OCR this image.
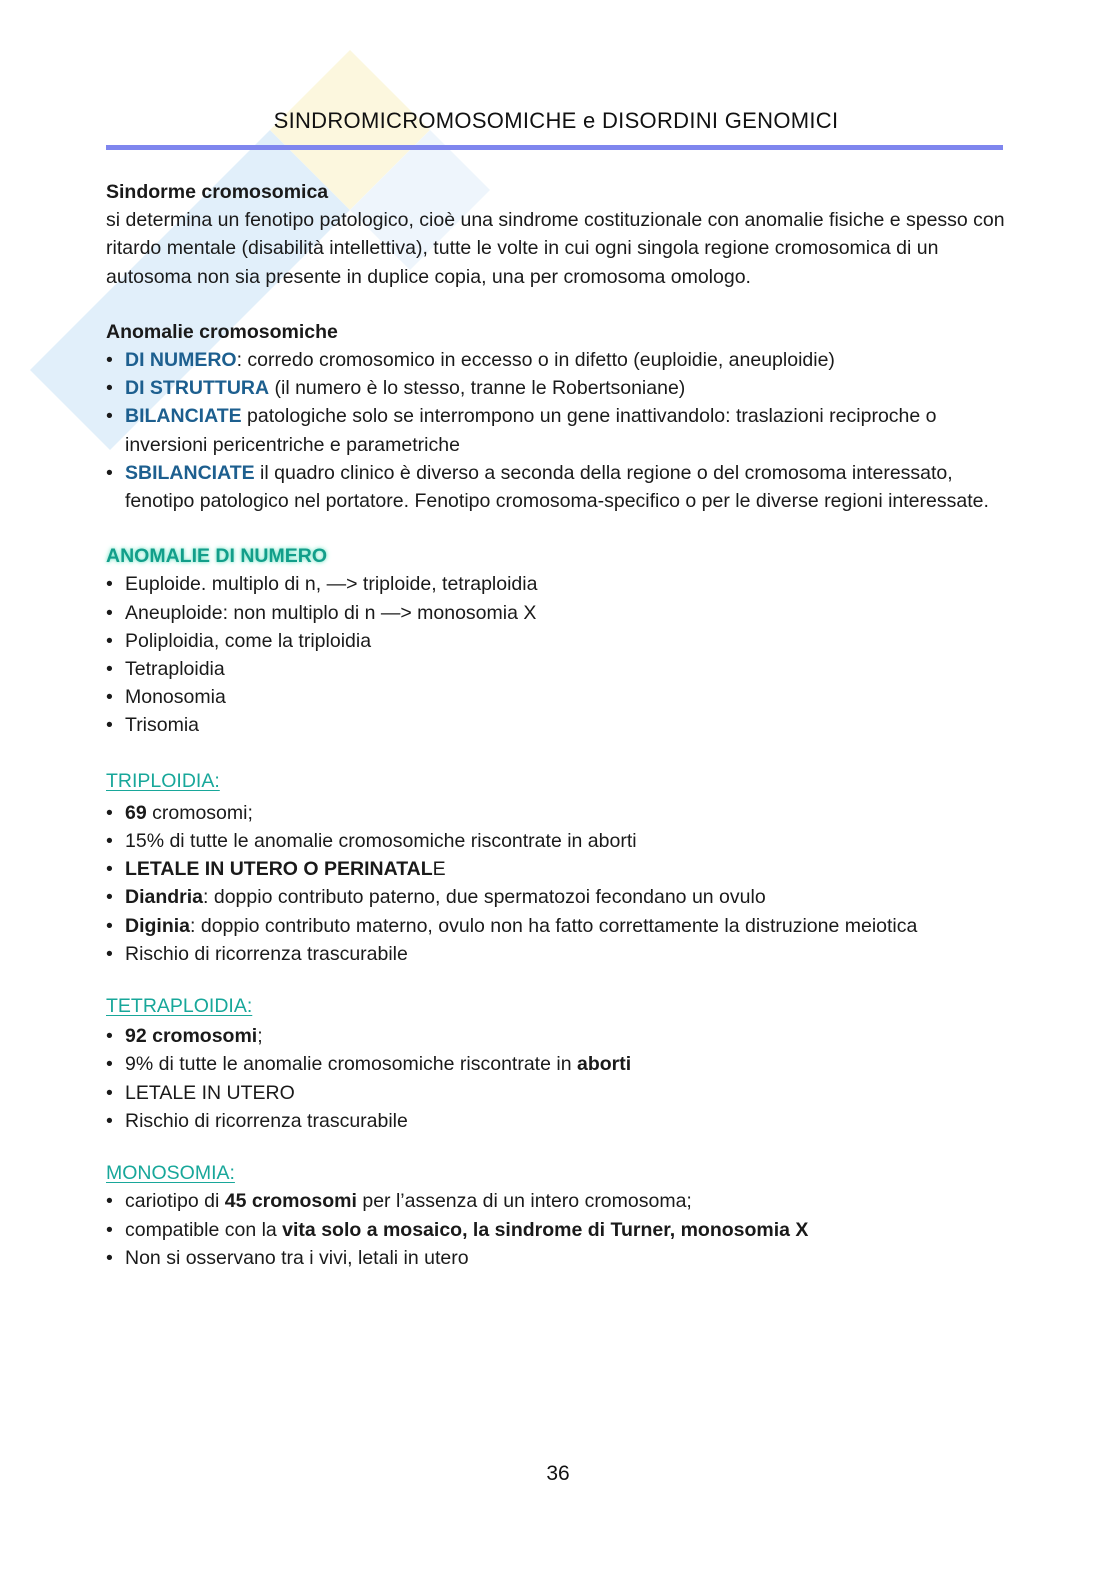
SINDROMICROMOSOMICHE e DISORDINI GENOMICI
Sindorme cromosomica
si determina un fenotipo patologico, cioè una sindrome costituzionale con anomalie fisiche e spesso con ritardo mentale (disabilità intellettiva), tutte le volte in cui ogni singola regione cromosomica di un autosoma non sia presente in duplice copia, una per cromosoma omologo.
Anomalie cromosomiche
• DI NUMERO: corredo cromosomico in eccesso o in difetto (euploidie, aneuploidie)
• DI STRUTTURA (il numero è lo stesso, tranne le Robertsoniane)
• BILANCIATE patologiche solo se interrompono un gene inattivandolo: traslazioni reciproche o inversioni pericentriche e parametriche
• SBILANCIATE il quadro clinico è diverso a seconda della regione o del cromosoma interessato, fenotipo patologico nel portatore. Fenotipo cromosoma-specifico o per le diverse regioni interessate.
ANOMALIE DI NUMERO
• Euploide. multiplo di n, —> triploide, tetraploidia
• Aneuploide: non multiplo di n —> monosomia X
• Poliploidia, come la triploidia
• Tetraploidia
• Monosomia
• Trisomia
TRIPLOIDIA:
• 69 cromosomi;
• 15% di tutte le anomalie cromosomiche riscontrate in aborti
• LETALE IN UTERO O PERINATALE
• Diandria: doppio contributo paterno, due spermatozoi fecondano un ovulo
• Diginia: doppio contributo materno, ovulo non ha fatto correttamente la distruzione meiotica
• Rischio di ricorrenza trascurabile
TETRAPLOIDIA:
• 92 cromosomi;
• 9% di tutte le anomalie cromosomiche riscontrate in aborti
• LETALE IN UTERO
• Rischio di ricorrenza trascurabile
MONOSOMIA:
• cariotipo di 45 cromosomi per l’assenza di un intero cromosoma;
• compatible con la vita solo a mosaico, la sindrome di Turner, monosomia X
• Non si osservano tra i vivi, letali in utero
36
